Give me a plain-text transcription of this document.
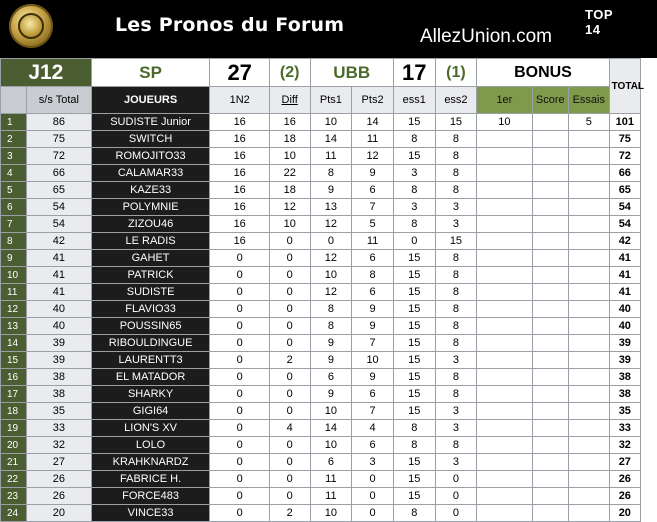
Les Pronos du Forum
AllezUnion.com
TOP 14
J12		SP	27	(2)	UBB		17	(1)	BONUS			TOTAL
	s/s Total	JOUEURS	1N2	Diff	Pts1	Pts2	ess1	ess2	1er	Score	Essais	
1	86	SUDISTE Junior	16	16	10	14	15	15	10		5	101
2	75	SWITCH	16	18	14	11	8	8				75
3	72	ROMOJITO33	16	10	11	12	15	8				72
4	66	CALAMAR33	16	22	8	9	3	8				66
5	65	KAZE33	16	18	9	6	8	8				65
6	54	POLYMNIE	16	12	13	7	3	3				54
7	54	ZIZOU46	16	10	12	5	8	3				54
8	42	LE RADIS	16	0	0	11	0	15				42
9	41	GAHET	0	0	12	6	15	8				41
10	41	PATRICK	0	0	10	8	15	8				41
11	41	SUDISTE	0	0	12	6	15	8				41
12	40	FLAVIO33	0	0	8	9	15	8				40
13	40	POUSSIN65	0	0	8	9	15	8				40
14	39	RIBOULDINGUE	0	0	9	7	15	8				39
15	39	LAURENTT3	0	2	9	10	15	3				39
16	38	EL MATADOR	0	0	6	9	15	8				38
17	38	SHARKY	0	0	9	6	15	8				38
18	35	GIGI64	0	0	10	7	15	3				35
19	33	LION'S XV	0	4	14	4	8	3				33
20	32	LOLO	0	0	10	6	8	8				32
21	27	KRAHKNARDZ	0	0	6	3	15	3				27
22	26	FABRICE H.	0	0	11	0	15	0				26
23	26	FORCE483	0	0	11	0	15	0				26
24	20	VINCE33	0	2	10	0	8	0				20
